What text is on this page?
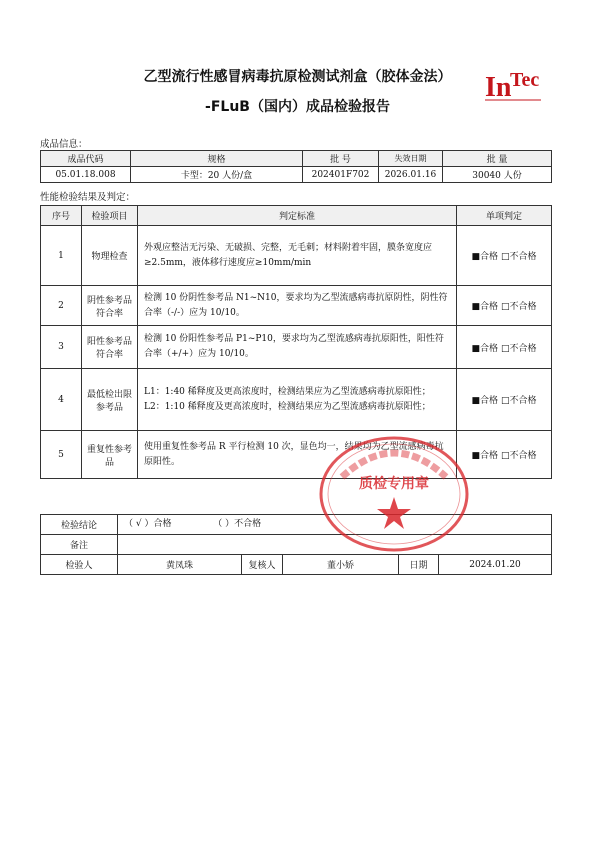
乙型流行性感冒病毒抗原检测试剂盒（胶体金法）
-FLuB（国内）成品检验报告
In
Tec
成品信息：
成品代码	规格	批 号	失效日期	批 量
05.01.18.008	卡型：20 人份/盒	202401F702	2026.01.16	30040 人份
性能检验结果及判定：
序号	检验项目	判定标准	单项判定
1	物理检查	外观应整洁无污染、无破损、完整，无毛刺；材料附着牢固，膜条宽度应≥2.5mm，液体移行速度应≥10mm/min	■合格 □不合格
2	阴性参考品符合率	检测 10 份阴性参考品 N1~N10，要求均为乙型流感病毒抗原阴性，阴性符合率（-/-）应为 10/10。	■合格 □不合格
3	阳性参考品符合率	检测 10 份阳性参考品 P1~P10，要求均为乙型流感病毒抗原阳性，阳性符合率（+/+）应为 10/10。	■合格 □不合格
4	最低检出限参考品	L1：1:40 稀释度及更高浓度时，检测结果应为乙型流感病毒抗原阳性；
L2：1:10 稀释度及更高浓度时，检测结果应为乙型流感病毒抗原阳性；	■合格 □不合格
5	重复性参考品	使用重复性参考品 R 平行检测 10 次，显色均一，结果均为乙型流感病毒抗原阳性。	■合格 □不合格
检验结论	（ √ ）合格 （ ）不合格				
备注					
检验人	黄凤珠	复核人	董小娇	日期	2024.01.20
质检专用章
